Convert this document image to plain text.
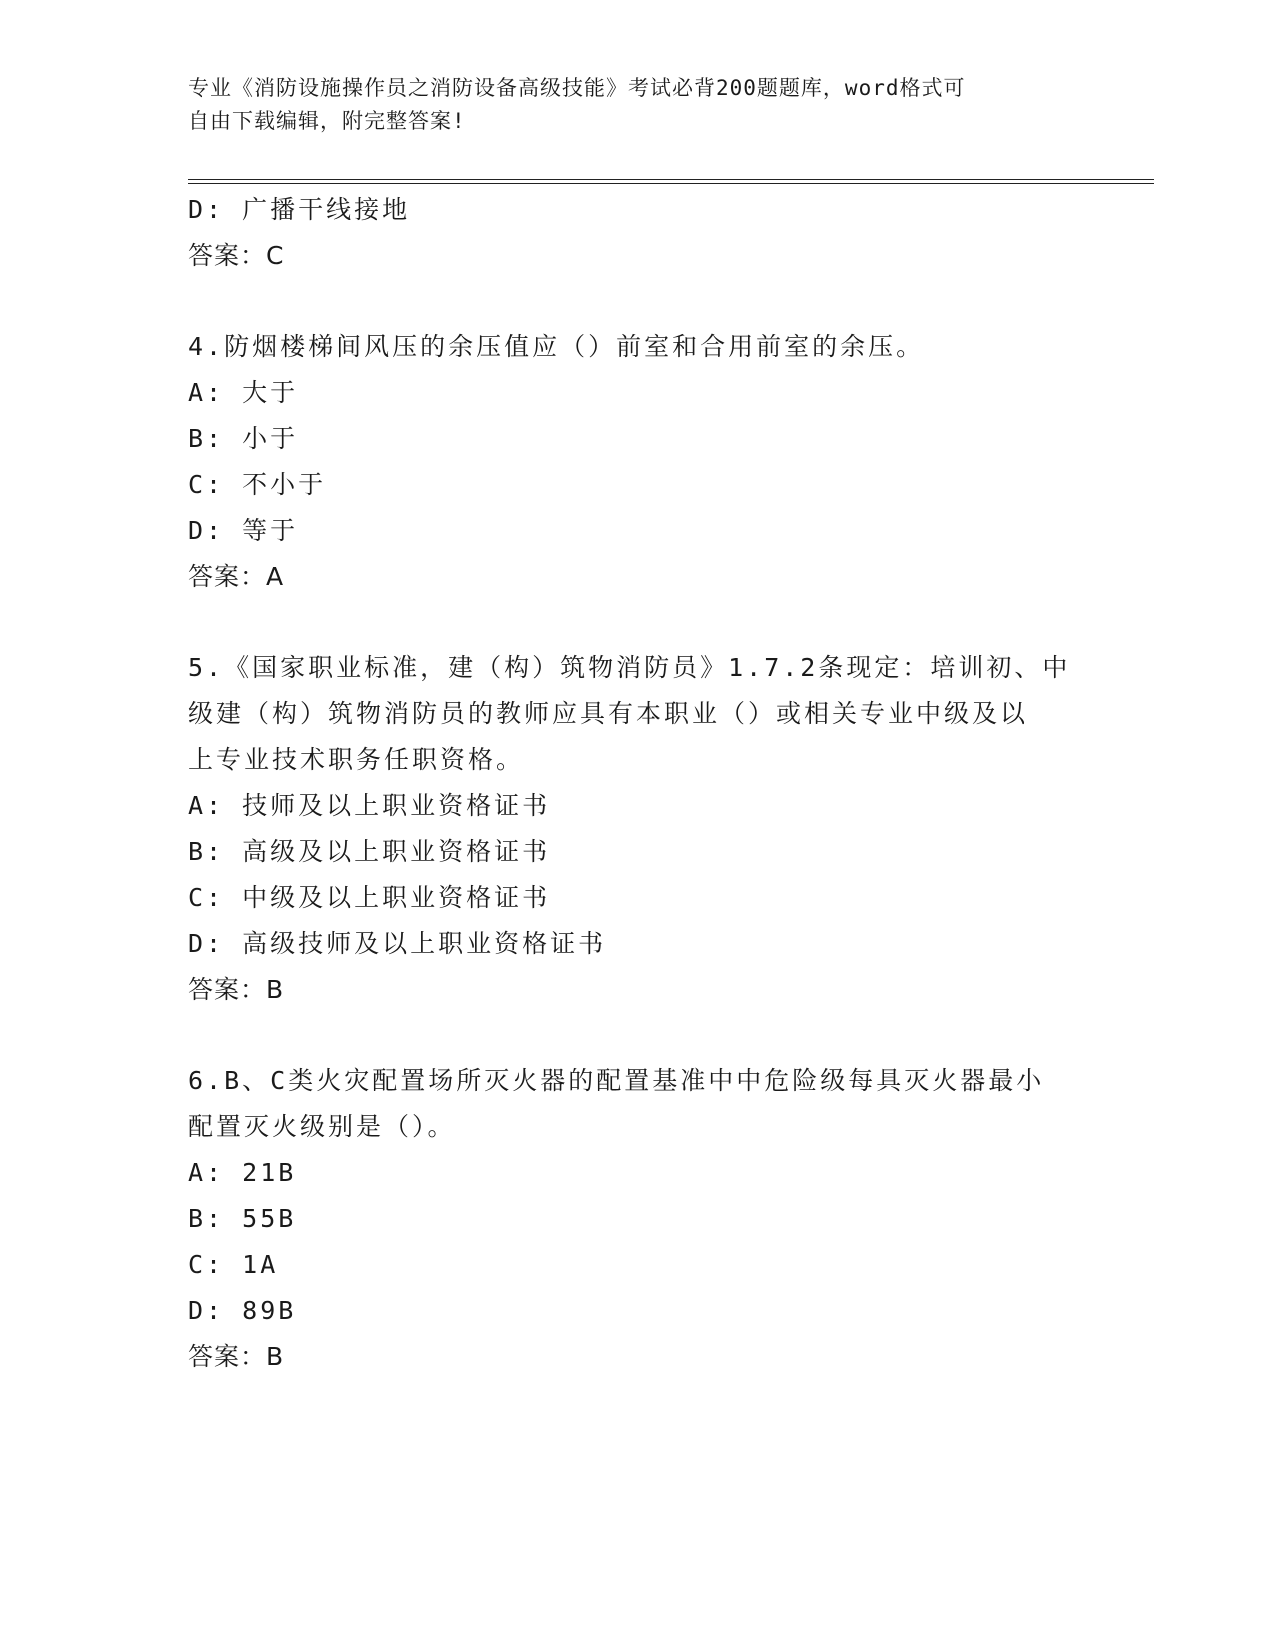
专业《消防设施操作员之消防设备高级技能》考试必背200题题库，word格式可
自由下载编辑，附完整答案!
D: 广播干线接地
答案：C
4.防烟楼梯间风压的余压值应（）前室和合用前室的余压。
A: 大于
B: 小于
C: 不小于
D: 等于
答案：A
5.《国家职业标准，建（构）筑物消防员》1.7.2条现定：培训初、中
级建（构）筑物消防员的教师应具有本职业（）或相关专业中级及以
上专业技术职务任职资格。
A: 技师及以上职业资格证书
B: 高级及以上职业资格证书
C: 中级及以上职业资格证书
D: 高级技师及以上职业资格证书
答案：B
6.B、C类火灾配置场所灭火器的配置基准中中危险级每具灭火器最小
配置灭火级别是（）。
A: 21B
B: 55B
C: 1A
D: 89B
答案：B
